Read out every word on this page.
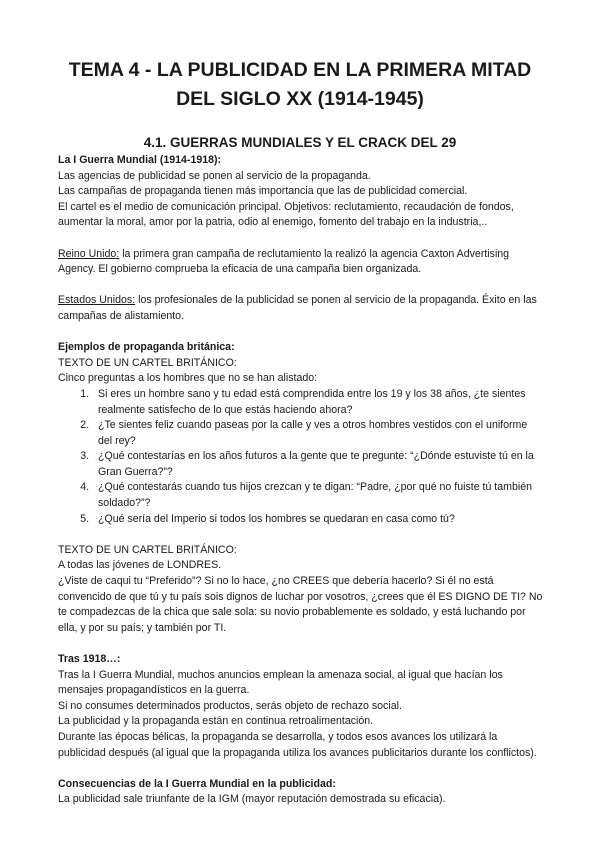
TEMA 4 - LA PUBLICIDAD EN LA PRIMERA MITAD
DEL SIGLO XX (1914-1945)
4.1. GUERRAS MUNDIALES Y EL CRACK DEL 29

La I Guerra Mundial (1914-1918):

Las agencias de publicidad se ponen al servicio de la propaganda.

Las campañas de propaganda tienen más importancia que las de publicidad comercial.

El cartel es el medio de comunicación principal. Objetivos: reclutamiento, recaudación de fondos, aumentar la moral, amor por la patria, odio al enemigo, fomento del trabajo en la industria,..

Reino Unido: la primera gran campaña de reclutamiento la realizó la agencia Caxton Advertising Agency. El gobierno comprueba la eficacia de una campaña bien organizada.

Estados Unidos: los profesionales de la publicidad se ponen al servicio de la propaganda. Éxito en las campañas de alistamiento.

Ejemplos de propaganda británica:

TEXTO DE UN CARTEL BRITÁNICO:

Cinco preguntas a los hombres que no se han alistado:

1. Si eres un hombre sano y tu edad está comprendida entre los 19 y los 38 años, ¿te sientes realmente satisfecho de lo que estás haciendo ahora?
2. ¿Te sientes feliz cuando paseas por la calle y ves a otros hombres vestidos con el uniforme del rey?
3. ¿Qué contestarías en los años futuros a la gente que te pregunte: “¿Dónde estuviste tú en la Gran Guerra?”?
4. ¿Qué contestarás cuando tus hijos crezcan y te digan: “Padre, ¿por qué no fuiste tú también soldado?”?
5. ¿Qué sería del Imperio si todos los hombres se quedaran en casa como tú?

TEXTO DE UN CARTEL BRITÁNICO:

A todas las jóvenes de LONDRES.

¿Viste de caqui tu “Preferido”? Si no lo hace, ¿no CREES que debería hacerlo? Si él no está convencido de que tú y tu país sois dignos de luchar por vosotros, ¿crees que él ES DIGNO DE TI? No te compadezcas de la chica que sale sola: su novio probablemente es soldado, y está luchando por ella, y por su país; y también por TI.

Tras 1918…:

Tras la I Guerra Mundial, muchos anuncios emplean la amenaza social, al igual que hacían los mensajes propagandísticos en la guerra.

Si no consumes determinados productos, serás objeto de rechazo social.

La publicidad y la propaganda están en continua retroalimentación.

Durante las épocas bélicas, la propaganda se desarrolla, y todos esos avances los utilizará la publicidad después (al igual que la propaganda utiliza los avances publicitarios durante los conflictos).

Consecuencias de la I Guerra Mundial en la publicidad:

La publicidad sale triunfante de la IGM (mayor reputación demostrada su eficacia).
